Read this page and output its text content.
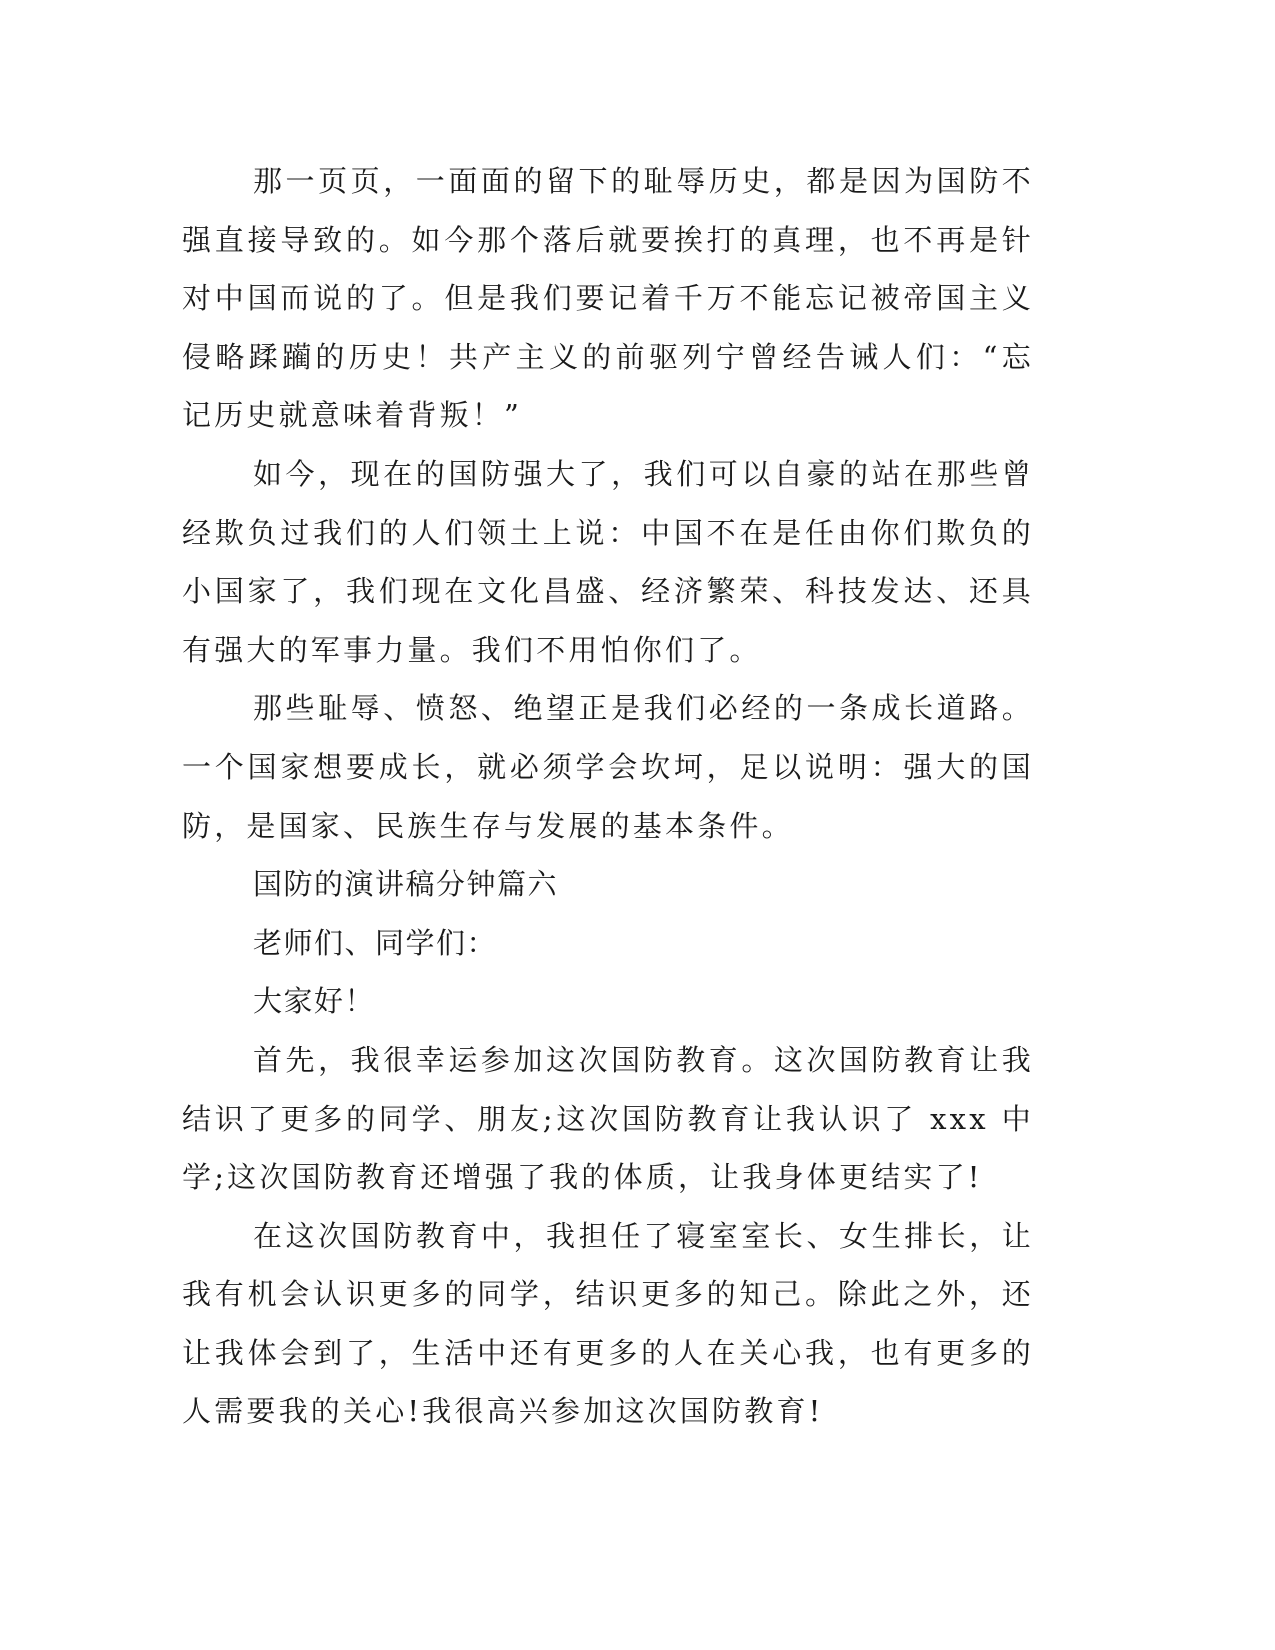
那一页页，一面面的留下的耻辱历史，都是因为国防不强直接导致的。如今那个落后就要挨打的真理，也不再是针对中国而说的了。但是我们要记着千万不能忘记被帝国主义侵略蹂躏的历史！共产主义的前驱列宁曾经告诫人们：“忘记历史就意味着背叛！”

如今，现在的国防强大了，我们可以自豪的站在那些曾经欺负过我们的人们领土上说：中国不在是任由你们欺负的小国家了，我们现在文化昌盛、经济繁荣、科技发达、还具有强大的军事力量。我们不用怕你们了。

那些耻辱、愤怒、绝望正是我们必经的一条成长道路。一个国家想要成长，就必须学会坎坷，足以说明：强大的国防，是国家、民族生存与发展的基本条件。

国防的演讲稿分钟篇六

老师们、同学们：

大家好！

首先，我很幸运参加这次国防教育。这次国防教育让我结识了更多的同学、朋友;这次国防教育让我认识了 xxx 中学;这次国防教育还增强了我的体质，让我身体更结实了!

在这次国防教育中，我担任了寝室室长、女生排长，让我有机会认识更多的同学，结识更多的知己。除此之外，还让我体会到了，生活中还有更多的人在关心我，也有更多的人需要我的关心!我很高兴参加这次国防教育!
